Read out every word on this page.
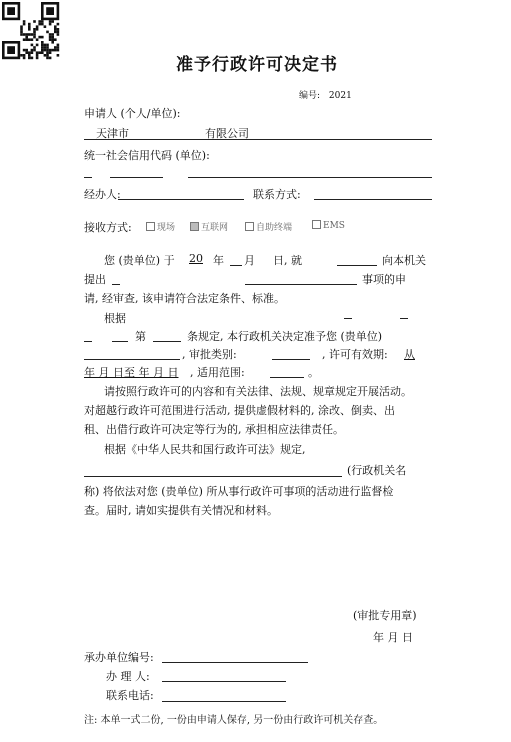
准予行政许可决定书
编号: 2021
申请人 (个人/单位):
天津市	有限公司
统一社会信用代码 (单位):
经办人:	联系方式:
接收方式:	现场	互联网	自助终端	EMS
您 (贵单位) 于 20 年 月 日, 就	向本机关
提出	事项的申
请, 经审查, 该申请符合法定条件、标准。
根据
第	条规定, 本行政机关决定准予您 (贵单位)
, 审批类别:	, 许可有效期: 从
年 月 日至 年 月 日 , 适用范围:	。
请按照行政许可的内容和有关法律、法规、规章规定开展活动。
对超越行政许可范围进行活动, 提供虚假材料的, 涂改、倒卖、出
租、出借行政许可决定等行为的, 承担相应法律责任。
根据《中华人民共和国行政许可法》规定,
(行政机关名
称) 将依法对您 (贵单位) 所从事行政许可事项的活动进行监督检
查。届时, 请如实提供有关情况和材料。
(审批专用章)
年 月 日
承办单位编号:
办 理 人:
联系电话:
注: 本单一式二份, 一份由申请人保存, 另一份由行政许可机关存查。
